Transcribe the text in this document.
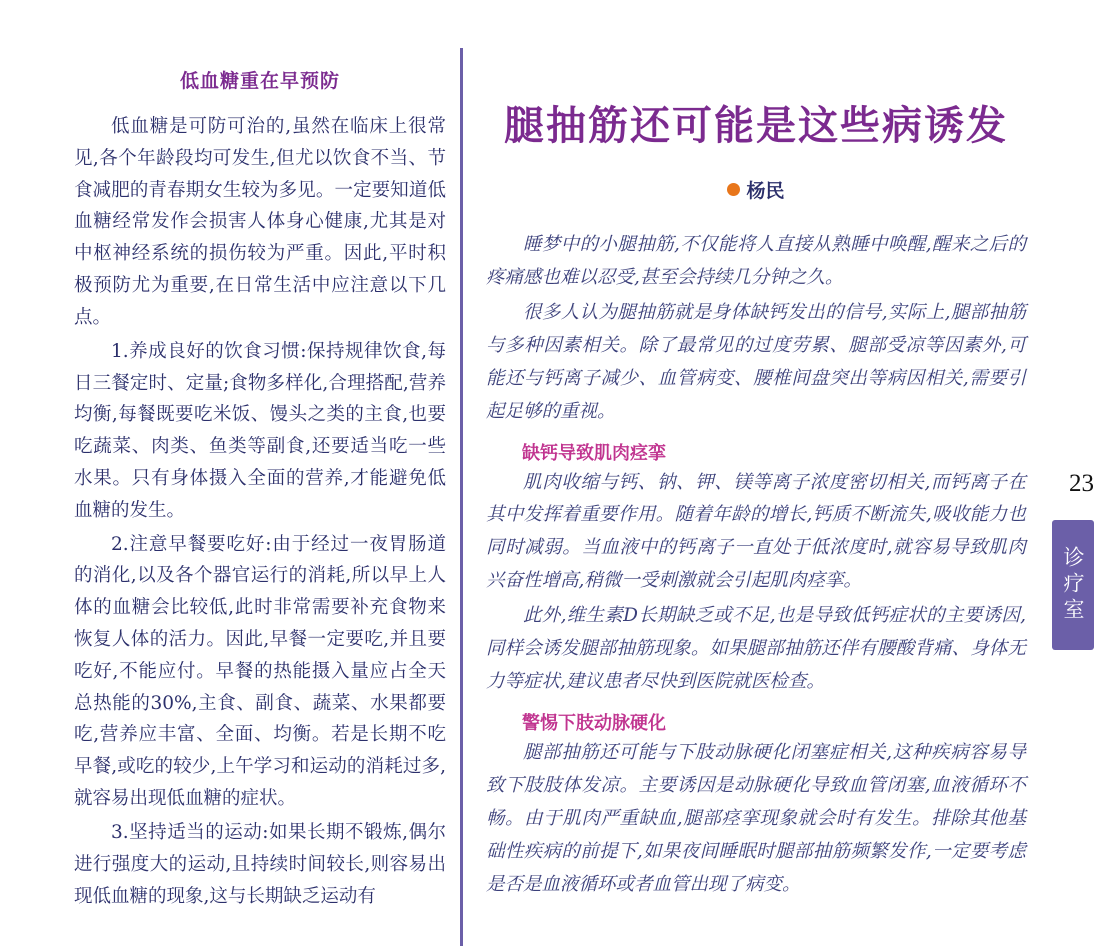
低血糖重在早预防

低血糖是可防可治的,虽然在临床上很常见,各个年龄段均可发生,但尤以饮食不当、节食减肥的青春期女生较为多见。一定要知道低血糖经常发作会损害人体身心健康,尤其是对中枢神经系统的损伤较为严重。因此,平时积极预防尤为重要,在日常生活中应注意以下几点。

1.养成良好的饮食习惯:保持规律饮食,每日三餐定时、定量;食物多样化,合理搭配,营养均衡,每餐既要吃米饭、馒头之类的主食,也要吃蔬菜、肉类、鱼类等副食,还要适当吃一些水果。只有身体摄入全面的营养,才能避免低血糖的发生。

2.注意早餐要吃好:由于经过一夜胃肠道的消化,以及各个器官运行的消耗,所以早上人体的血糖会比较低,此时非常需要补充食物来恢复人体的活力。因此,早餐一定要吃,并且要吃好,不能应付。早餐的热能摄入量应占全天总热能的30%,主食、副食、蔬菜、水果都要吃,营养应丰富、全面、均衡。若是长期不吃早餐,或吃的较少,上午学习和运动的消耗过多,就容易出现低血糖的症状。

3.坚持适当的运动:如果长期不锻炼,偶尔进行强度大的运动,且持续时间较长,则容易出现低血糖的现象,这与长期缺乏运动有

腿抽筋还可能是这些病诱发
杨民

睡梦中的小腿抽筋,不仅能将人直接从熟睡中唤醒,醒来之后的疼痛感也难以忍受,甚至会持续几分钟之久。

很多人认为腿抽筋就是身体缺钙发出的信号,实际上,腿部抽筋与多种因素相关。除了最常见的过度劳累、腿部受凉等因素外,可能还与钙离子减少、血管病变、腰椎间盘突出等病因相关,需要引起足够的重视。

缺钙导致肌肉痉挛

肌肉收缩与钙、钠、钾、镁等离子浓度密切相关,而钙离子在其中发挥着重要作用。随着年龄的增长,钙质不断流失,吸收能力也同时减弱。当血液中的钙离子一直处于低浓度时,就容易导致肌肉兴奋性增高,稍微一受刺激就会引起肌肉痉挛。

此外,维生素D长期缺乏或不足,也是导致低钙症状的主要诱因,同样会诱发腿部抽筋现象。如果腿部抽筋还伴有腰酸背痛、身体无力等症状,建议患者尽快到医院就医检查。

警惕下肢动脉硬化

腿部抽筋还可能与下肢动脉硬化闭塞症相关,这种疾病容易导致下肢肢体发凉。主要诱因是动脉硬化导致血管闭塞,血液循环不畅。由于肌肉严重缺血,腿部痉挛现象就会时有发生。排除其他基础性疾病的前提下,如果夜间睡眠时腿部抽筋频繁发作,一定要考虑是否是血液循环或者血管出现了病变。

23
诊疗室
